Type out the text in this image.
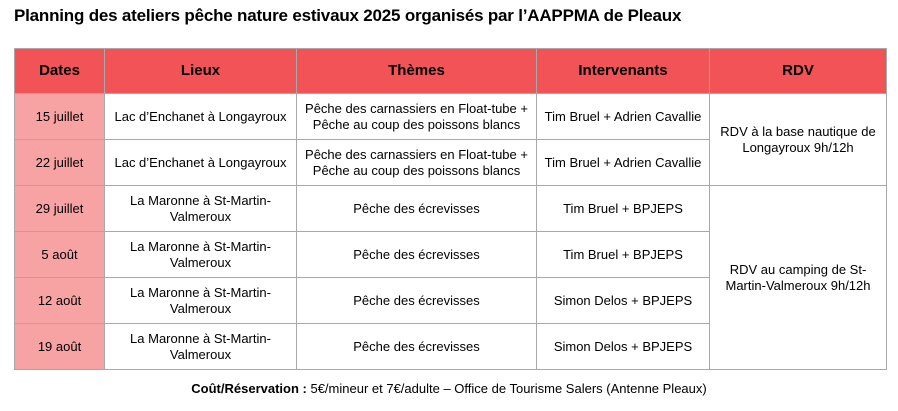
Planning des ateliers pêche nature estivaux 2025 organisés par l’AAPPMA de Pleaux
Dates	Lieux	Thèmes	Intervenants	RDV
15 juillet	Lac d’Enchanet à Longayroux	Pêche des carnassiers en Float-tube + Pêche au coup des poissons blancs	Tim Bruel + Adrien Cavallie	RDV à la base nautique de Longayroux 9h/12h
22 juillet	Lac d’Enchanet à Longayroux	Pêche des carnassiers en Float-tube + Pêche au coup des poissons blancs	Tim Bruel + Adrien Cavallie	
29 juillet	La Maronne à St-Martin-Valmeroux	Pêche des écrevisses	Tim Bruel + BPJEPS	RDV au camping de St-Martin-Valmeroux 9h/12h
5 août	La Maronne à St-Martin-Valmeroux	Pêche des écrevisses	Tim Bruel + BPJEPS	
12 août	La Maronne à St-Martin-Valmeroux	Pêche des écrevisses	Simon Delos + BPJEPS	
19 août	La Maronne à St-Martin-Valmeroux	Pêche des écrevisses	Simon Delos + BPJEPS	
Coût/Réservation : 5€/mineur et 7€/adulte – Office de Tourisme Salers (Antenne Pleaux)
